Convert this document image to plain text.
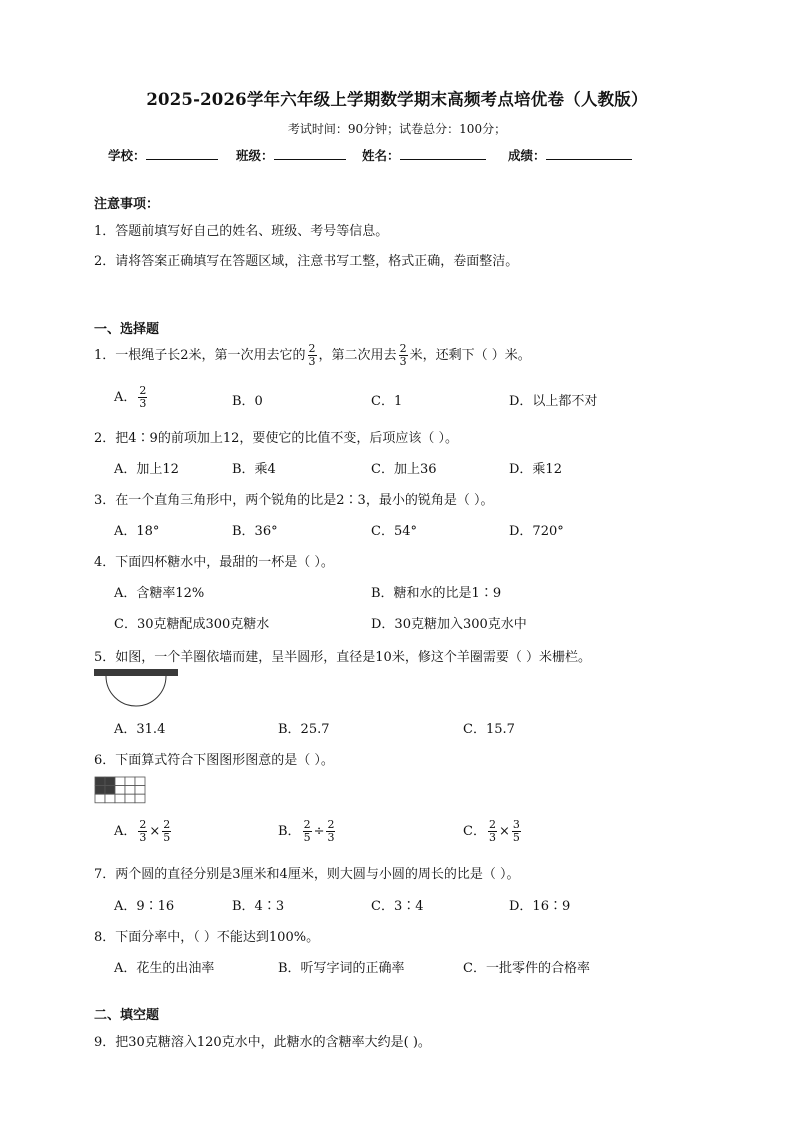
2025-2026学年六年级上学期数学期末高频考点培优卷（人教版）
考试时间：90分钟；试卷总分：100分；
学校：	班级：	姓名：	成绩：
注意事项：
1．答题前填写好自己的姓名、班级、考号等信息。
2．请将答案正确填写在答题区域，注意书写工整，格式正确，卷面整洁。
一、选择题
1．一根绳子长2米，第一次用去它的 $\frac{2}{3}$ ，第二次用去 $\frac{2}{3}$ 米，还剩下（ ）米。
A． $\frac{2}{3}$	B．0	C．1	D．以上都不对
2．把4∶9的前项加上12，要使它的比值不变，后项应该（ ）。
A．加上12	B．乘4	C．加上36	D．乘12
3．在一个直角三角形中，两个锐角的比是2∶3，最小的锐角是（ ）。
A．18°	B．36°	C．54°	D．720°
4．下面四杯糖水中，最甜的一杯是（ ）。
A．含糖率12%	B．糖和水的比是1∶9
C．30克糖配成300克糖水	D．30克糖加入300克水中
5．如图，一个羊圈依墙而建，呈半圆形，直径是10米，修这个羊圈需要（ ）米栅栏。
A．31.4	B．25.7	C．15.7
6．下面算式符合下图图形图意的是（ ）。
A． $\frac{2}{3} \times \frac{2}{5}$	B． $\frac{2}{5} \div \frac{2}{3}$	C． $\frac{2}{3} \times \frac{3}{5}$
7．两个圆的直径分别是3厘米和4厘米，则大圆与小圆的周长的比是（ ）。
A．9∶16	B．4∶3	C．3∶4	D．16∶9
8．下面分率中，（ ）不能达到100%。
A．花生的出油率	B．听写字词的正确率	C．一批零件的合格率
二、填空题
9．把30克糖溶入120克水中，此糖水的含糖率大约是( )。
